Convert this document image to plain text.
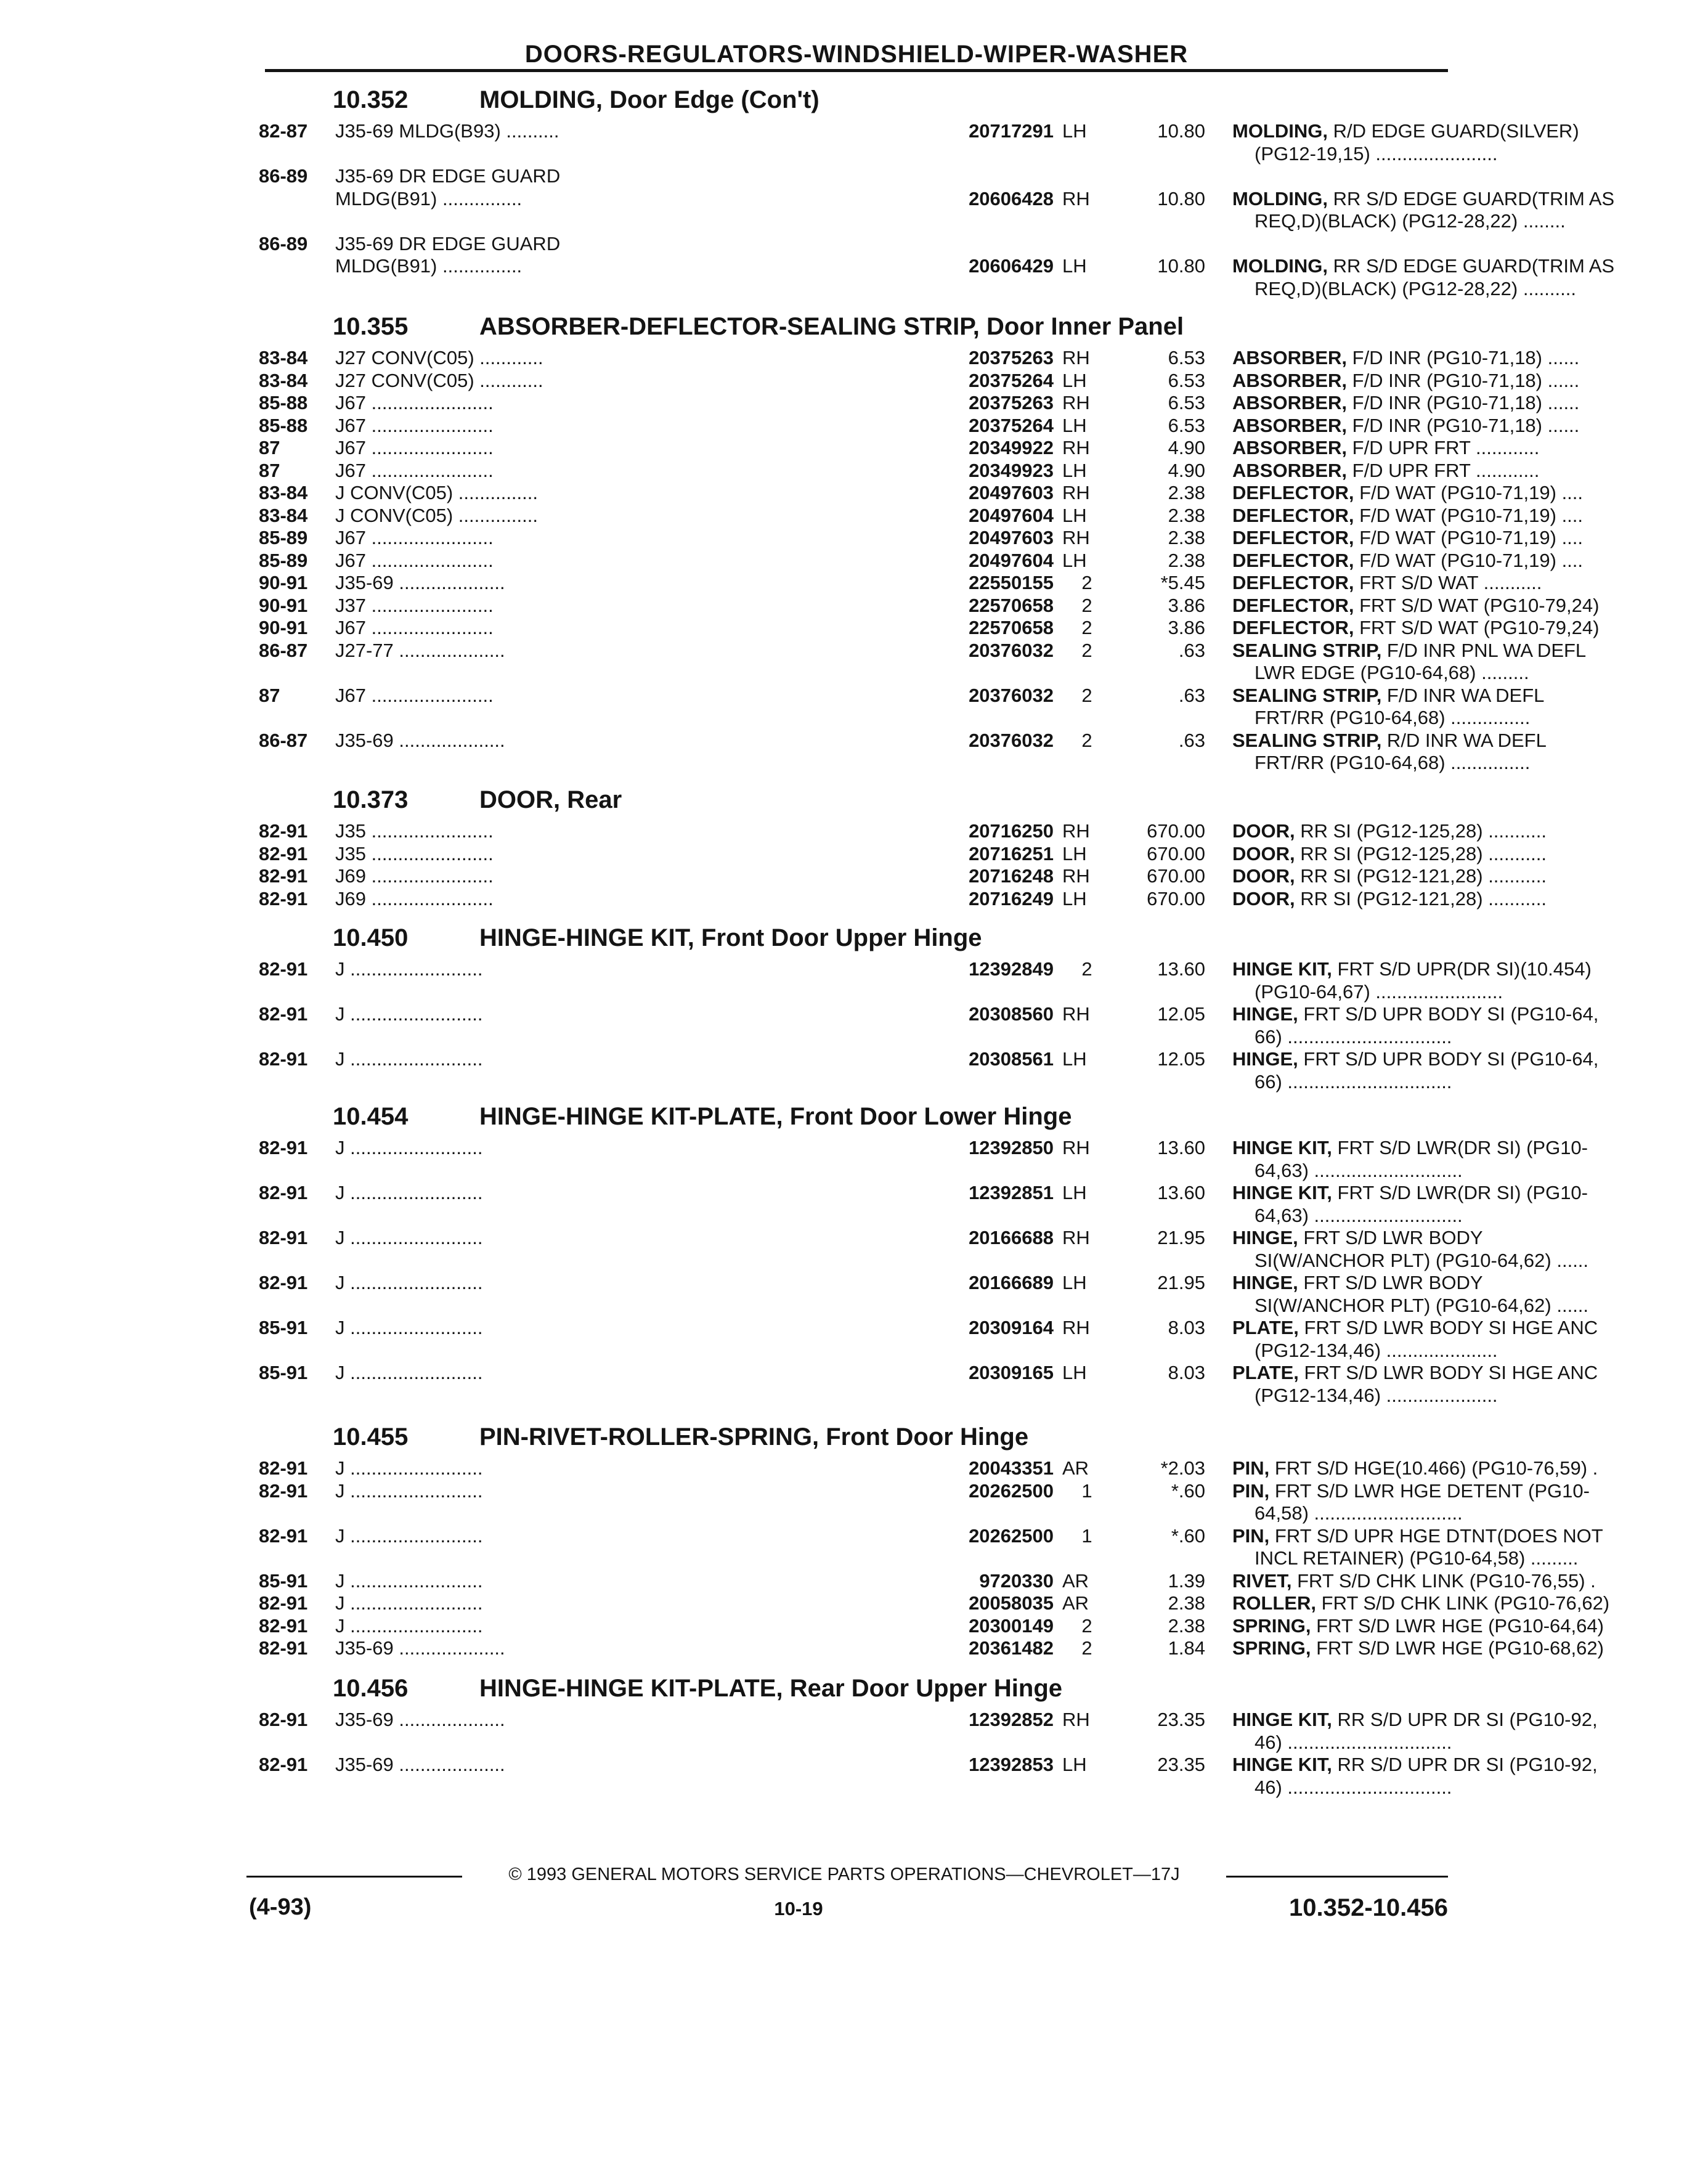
DOORS-REGULATORS-WINDSHIELD-WIPER-WASHER
10.352	MOLDING, Door Edge (Con't)
82-87	J35-69 MLDG(B93) ..........	20717291 LH	10.80 MOLDING, R/D EDGE GUARD(SILVER)
(PG12-19,15) .......................
86-89	J35-69 DR EDGE GUARD
MLDG(B91) ...............	20606428 RH	10.80 MOLDING, RR S/D EDGE GUARD(TRIM AS
REQ,D)(BLACK) (PG12-28,22) ........
86-89	J35-69 DR EDGE GUARD
MLDG(B91) ...............	20606429 LH	10.80 MOLDING, RR S/D EDGE GUARD(TRIM AS
REQ,D)(BLACK) (PG12-28,22) ..........
10.355	ABSORBER-DEFLECTOR-SEALING STRIP, Door Inner Panel
83-84	J27 CONV(C05) ............	20375263 RH	6.53 ABSORBER, F/D INR (PG10-71,18) ......
83-84	J27 CONV(C05) ............	20375264 LH	6.53 ABSORBER, F/D INR (PG10-71,18) ......
85-88	J67 .......................	20375263 RH	6.53 ABSORBER, F/D INR (PG10-71,18) ......
85-88	J67 .......................	20375264 LH	6.53 ABSORBER, F/D INR (PG10-71,18) ......
87	J67 .......................	20349922 RH	4.90 ABSORBER, F/D UPR FRT ............
87	J67 .......................	20349923 LH	4.90 ABSORBER, F/D UPR FRT ............
83-84	J CONV(C05) ...............	20497603 RH	2.38 DEFLECTOR, F/D WAT (PG10-71,19) ....
83-84	J CONV(C05) ...............	20497604 LH	2.38 DEFLECTOR, F/D WAT (PG10-71,19) ....
85-89	J67 .......................	20497603 RH	2.38 DEFLECTOR, F/D WAT (PG10-71,19) ....
85-89	J67 .......................	20497604 LH	2.38 DEFLECTOR, F/D WAT (PG10-71,19) ....
90-91	J35-69 ....................	22550155	2	*5.45 DEFLECTOR, FRT S/D WAT ...........
90-91	J37 .......................	22570658	2	3.86 DEFLECTOR, FRT S/D WAT (PG10-79,24)
90-91	J67 .......................	22570658	2	3.86 DEFLECTOR, FRT S/D WAT (PG10-79,24)
86-87	J27-77 ....................	20376032	2	.63 SEALING STRIP, F/D INR PNL WA DEFL
LWR EDGE (PG10-64,68) .........
87	J67 .......................	20376032	2	.63 SEALING STRIP, F/D INR WA DEFL
FRT/RR (PG10-64,68) ...............
86-87	J35-69 ....................	20376032	2	.63 SEALING STRIP, R/D INR WA DEFL
FRT/RR (PG10-64,68) ...............
10.373	DOOR, Rear
82-91	J35 .......................	20716250 RH	670.00 DOOR, RR SI (PG12-125,28) ...........
82-91	J35 .......................	20716251 LH	670.00 DOOR, RR SI (PG12-125,28) ...........
82-91	J69 .......................	20716248 RH	670.00 DOOR, RR SI (PG12-121,28) ...........
82-91	J69 .......................	20716249 LH	670.00 DOOR, RR SI (PG12-121,28) ...........
10.450	HINGE-HINGE KIT, Front Door Upper Hinge
82-91	J .........................	12392849	2	13.60 HINGE KIT, FRT S/D UPR(DR SI)(10.454)
(PG10-64,67) ........................
82-91	J .........................	20308560 RH	12.05 HINGE, FRT S/D UPR BODY SI (PG10-64,
66) ...............................
82-91	J .........................	20308561 LH	12.05 HINGE, FRT S/D UPR BODY SI (PG10-64,
66) ...............................
10.454	HINGE-HINGE KIT-PLATE, Front Door Lower Hinge
82-91	J .........................	12392850 RH	13.60 HINGE KIT, FRT S/D LWR(DR SI) (PG10-
64,63) ............................
82-91	J .........................	12392851 LH	13.60 HINGE KIT, FRT S/D LWR(DR SI) (PG10-
64,63) ............................
82-91	J .........................	20166688 RH	21.95 HINGE, FRT S/D LWR BODY
SI(W/ANCHOR PLT) (PG10-64,62) ......
82-91	J .........................	20166689 LH	21.95 HINGE, FRT S/D LWR BODY
SI(W/ANCHOR PLT) (PG10-64,62) ......
85-91	J .........................	20309164 RH	8.03 PLATE, FRT S/D LWR BODY SI HGE ANC
(PG12-134,46) .....................
85-91	J .........................	20309165 LH	8.03 PLATE, FRT S/D LWR BODY SI HGE ANC
(PG12-134,46) .....................
10.455	PIN-RIVET-ROLLER-SPRING, Front Door Hinge
82-91	J .........................	20043351 AR	*2.03 PIN, FRT S/D HGE(10.466) (PG10-76,59) .
82-91	J .........................	20262500	1	*.60 PIN, FRT S/D LWR HGE DETENT (PG10-
64,58) ............................
82-91	J .........................	20262500	1	*.60 PIN, FRT S/D UPR HGE DTNT(DOES NOT
INCL RETAINER) (PG10-64,58) .........
85-91	J .........................	9720330 AR	1.39 RIVET, FRT S/D CHK LINK (PG10-76,55) .
82-91	J .........................	20058035 AR	2.38 ROLLER, FRT S/D CHK LINK (PG10-76,62)
82-91	J .........................	20300149	2	2.38 SPRING, FRT S/D LWR HGE (PG10-64,64)
82-91	J35-69 ....................	20361482	2	1.84 SPRING, FRT S/D LWR HGE (PG10-68,62)
10.456	HINGE-HINGE KIT-PLATE, Rear Door Upper Hinge
82-91	J35-69 ....................	12392852 RH	23.35 HINGE KIT, RR S/D UPR DR SI (PG10-92,
46) ...............................
82-91	J35-69 ....................	12392853 LH	23.35 HINGE KIT, RR S/D UPR DR SI (PG10-92,
46) ...............................
© 1993 GENERAL MOTORS SERVICE PARTS OPERATIONS—CHEVROLET—17J
(4-93)	10-19	10.352-10.456
